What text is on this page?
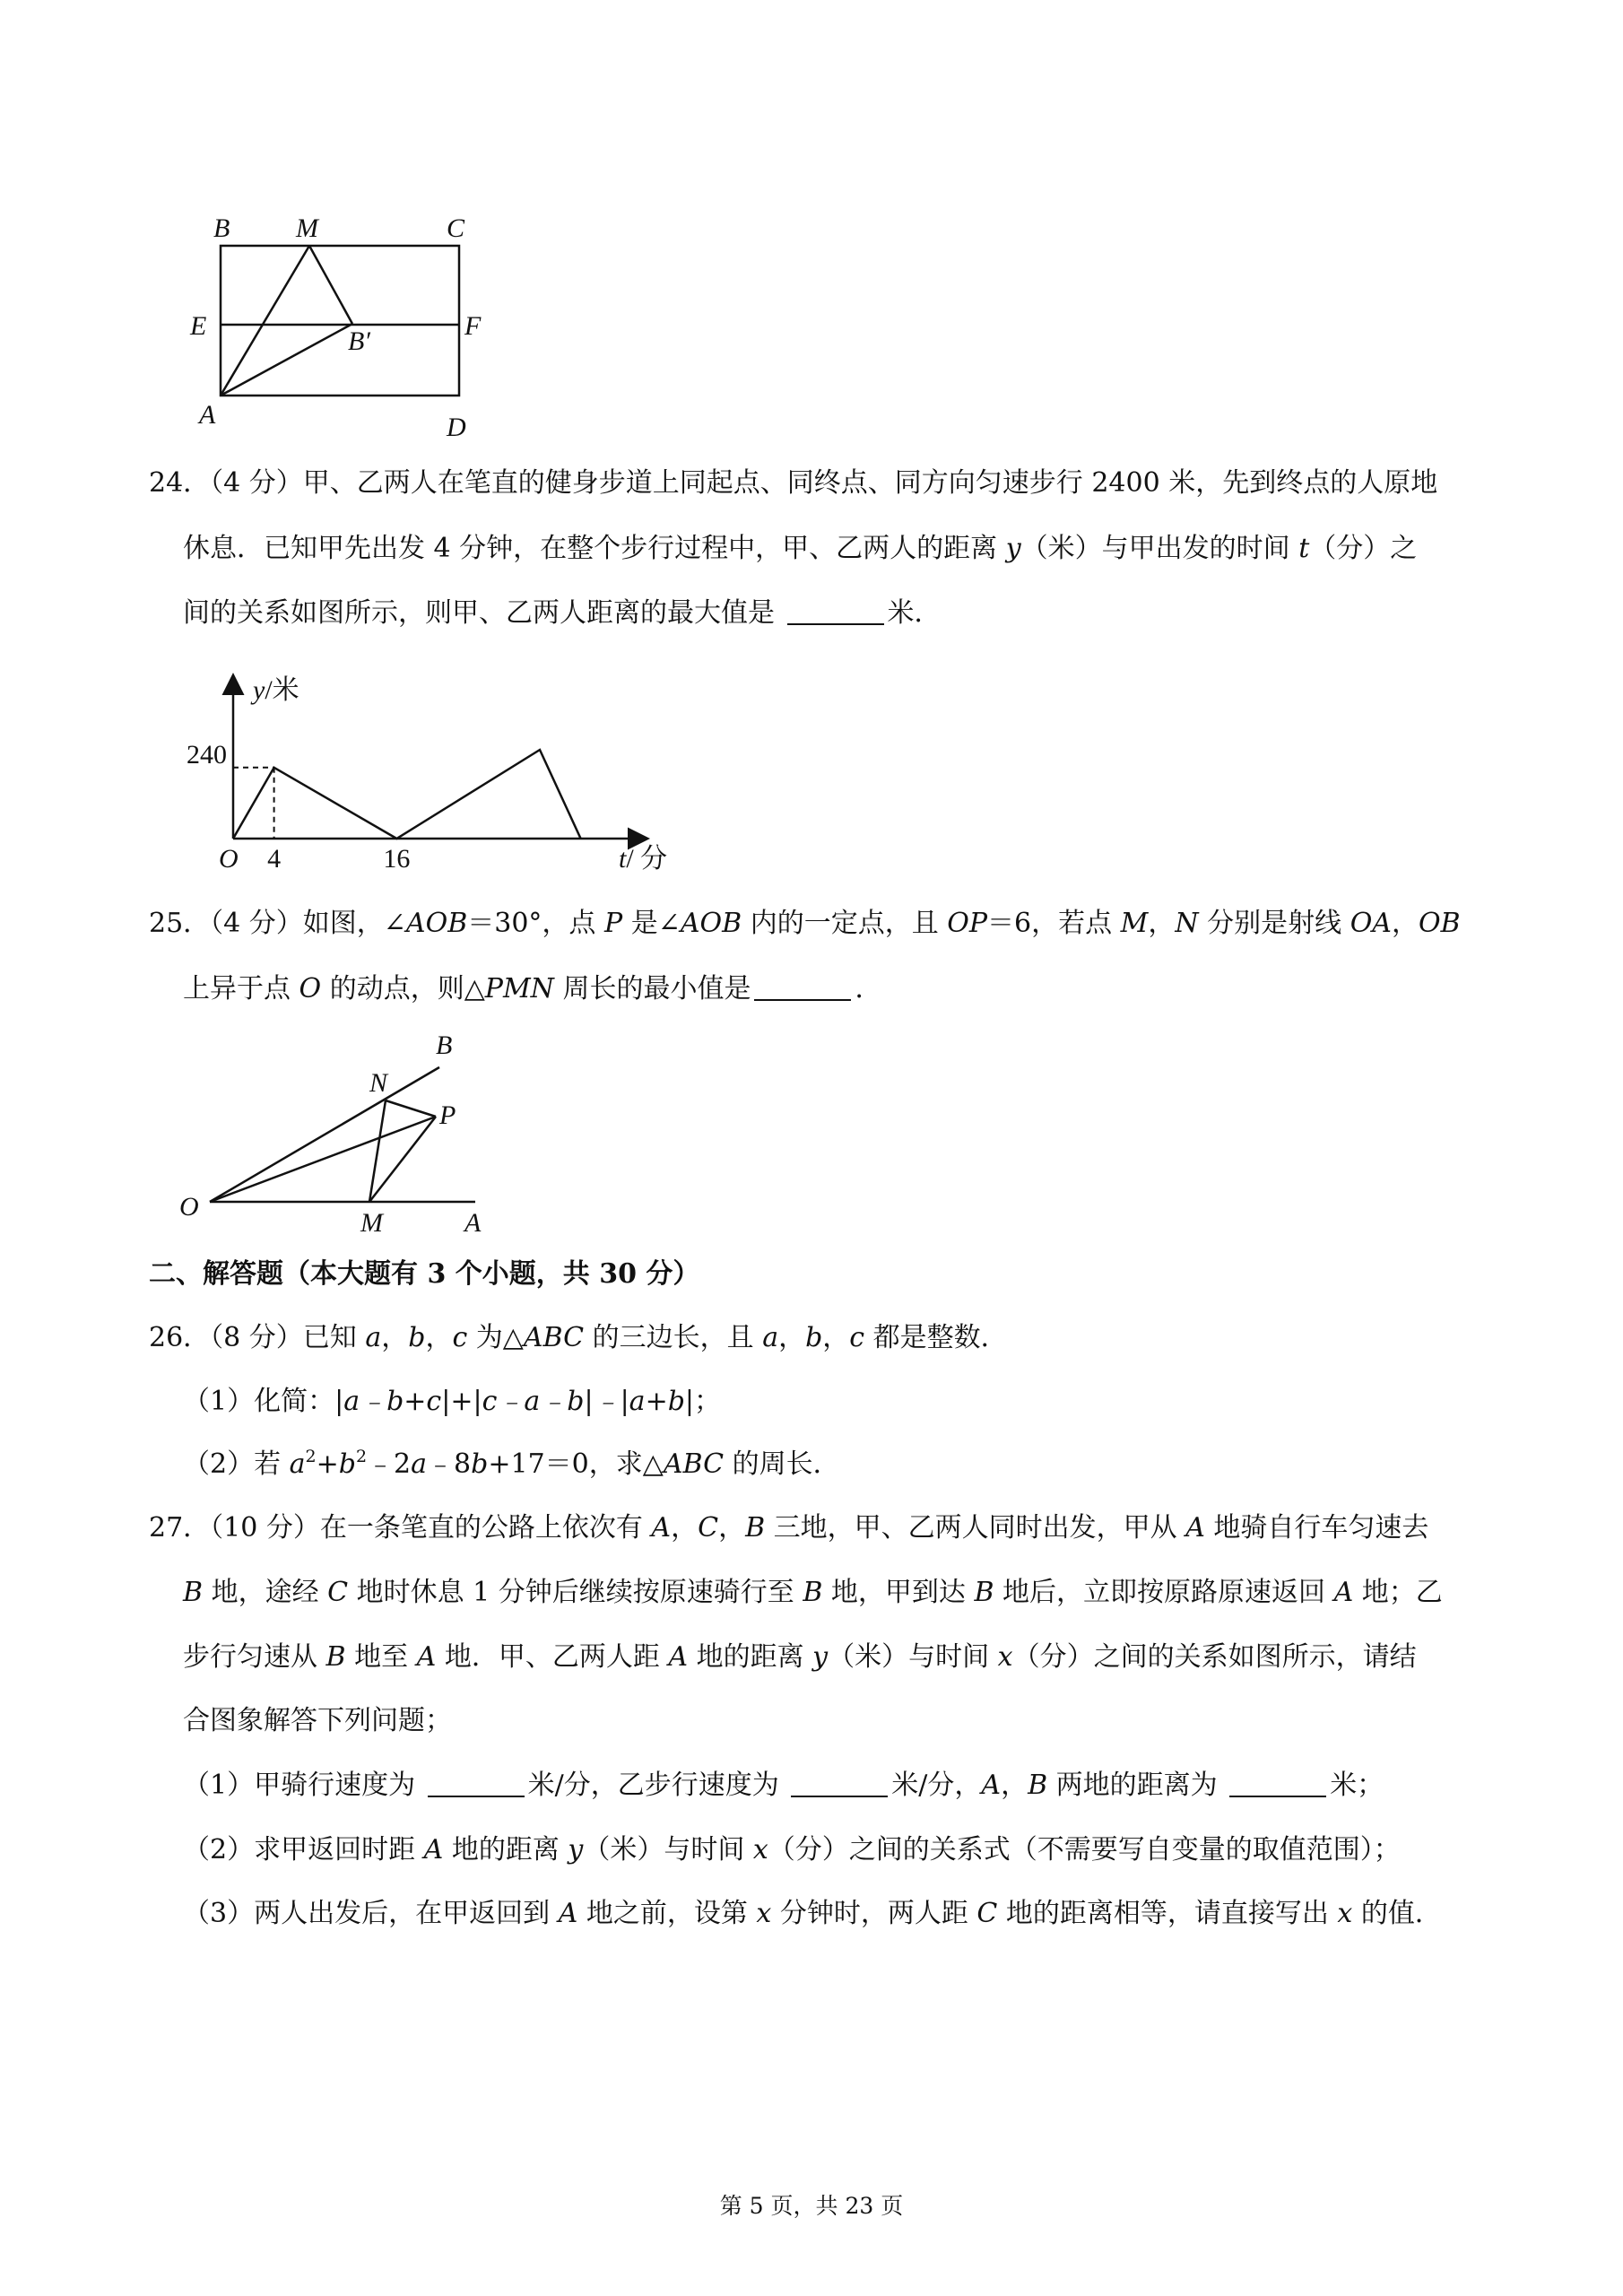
B M	C
E
B′
F
A	D
24．（4 分）甲、乙两人在笔直的健身步道上同起点、同终点、同方向匀速步行 2400 米，先到终点的人原地
休息．已知甲先出发 4 分钟，在整个步行过程中，甲、乙两人的距离 y（米）与甲出发的时间 t（分）之
间的关系如图所示，则甲、乙两人距离的最大值是	米．
y/米
t/ 分
O
240
4	16
25．（4 分）如图，∠AOB＝30°，点 P 是∠AOB 内的一定点，且 OP＝6，若点 M，N 分别是射线 OA，OB
上异于点 O 的动点，则△PMN 周长的最小值是	．
B
N
P
O
M	A
二、解答题（本大题有 3 个小题，共 30 分）
26．（8 分）已知 a，b，c 为△ABC 的三边长，且 a，b，c 都是整数．
（1）化简：|a﹣b+c|+|c﹣a﹣b|﹣|a+b|；
（2）若 $a^2+b^2﹣2a﹣8b+17=0$，求△ABC 的周长．
27．（10 分）在一条笔直的公路上依次有 A，C，B 三地，甲、乙两人同时出发，甲从 A 地骑自行车匀速去
B 地，途经 C 地时休息 1 分钟后继续按原速骑行至 B 地，甲到达 B 地后，立即按原路原速返回 A 地；乙
步行匀速从 B 地至 A 地．甲、乙两人距 A 地的距离 y（米）与时间 x（分）之间的关系如图所示，请结
合图象解答下列问题；
（1）甲骑行速度为	米/分，乙步行速度为	米/分，A，B 两地的距离为	米；
（2）求甲返回时距 A 地的距离 y（米）与时间 x（分）之间的关系式（不需要写自变量的取值范围）；
（3）两人出发后，在甲返回到 A 地之前，设第 x 分钟时，两人距 C 地的距离相等，请直接写出 x 的值．
第 5 页，共 23 页
